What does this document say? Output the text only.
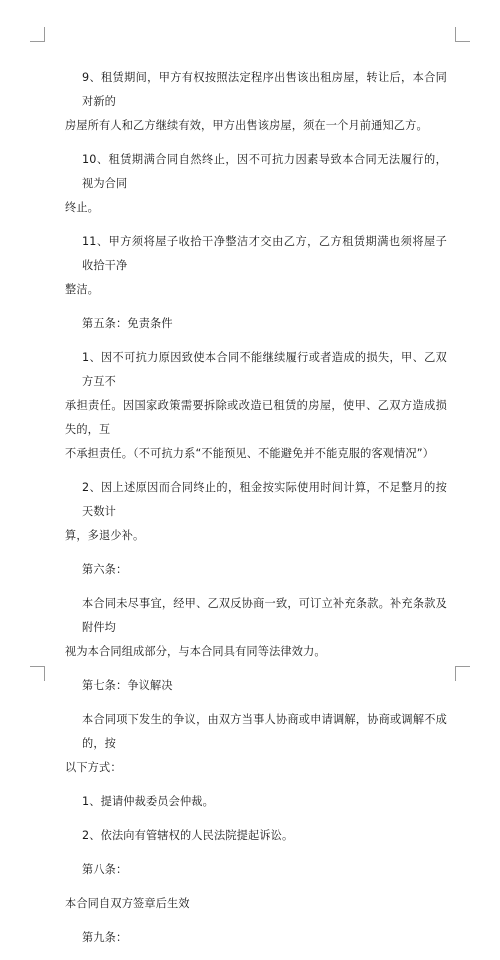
9、租赁期间，甲方有权按照法定程序出售该出租房屋，转让后，本合同对新的
房屋所有人和乙方继续有效，甲方出售该房屋，须在一个月前通知乙方。
10、租赁期满合同自然终止，因不可抗力因素导致本合同无法履行的，视为合同
终止。
11、甲方须将屋子收拾干净整洁才交由乙方，乙方租赁期满也须将屋子收拾干净
整洁。
第五条：免责条件
1、因不可抗力原因致使本合同不能继续履行或者造成的损失，甲、乙双方互不
承担责任。因国家政策需要拆除或改造已租赁的房屋，使甲、乙双方造成损失的，互
不承担责任。（不可抗力系“不能预见、不能避免并不能克服的客观情况”）
2、因上述原因而合同终止的，租金按实际使用时间计算，不足整月的按天数计
算，多退少补。
第六条：
本合同未尽事宜，经甲、乙双反协商一致，可订立补充条款。补充条款及附件均
视为本合同组成部分，与本合同具有同等法律效力。
第七条：争议解决
本合同项下发生的争议，由双方当事人协商或申请调解，协商或调解不成的，按
以下方式：
1、提请仲裁委员会仲裁。
2、依法向有管辖权的人民法院提起诉讼。
第八条：
本合同自双方签章后生效
第九条：
